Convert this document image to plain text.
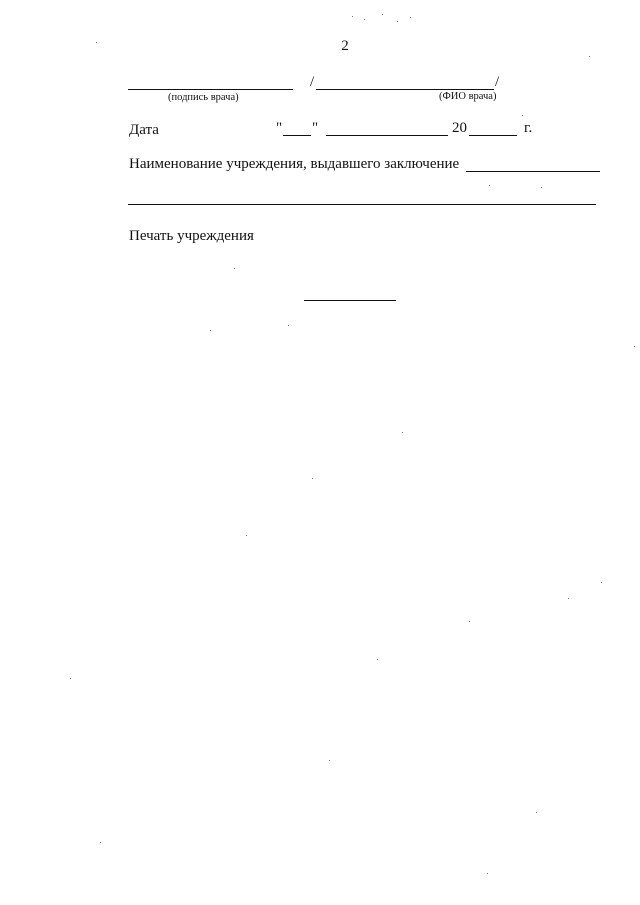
2
/	/
(подпись врача)	(ФИО врача)
Дата	" "	20	г.
Наименование учреждения, выдавшего заключение
Печать учреждения
